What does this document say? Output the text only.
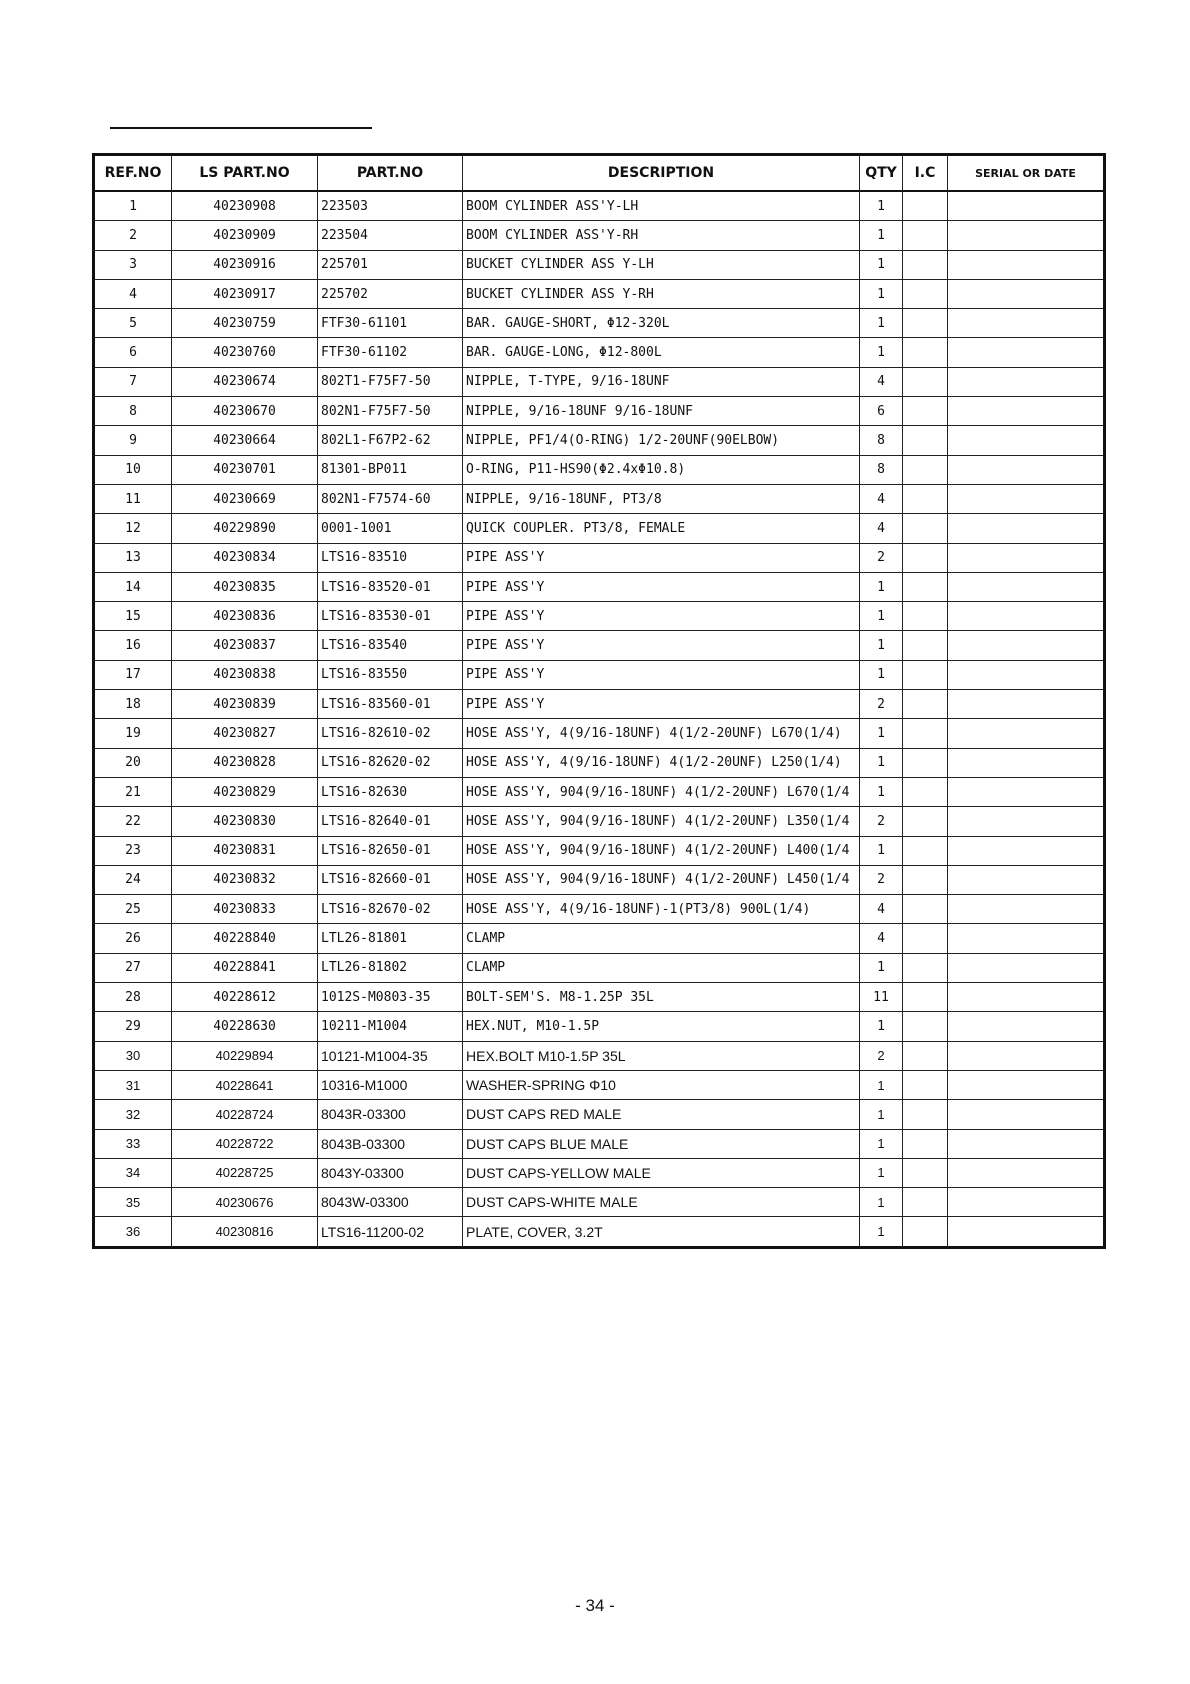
REF.NO	LS PART.NO	PART.NO	DESCRIPTION	QTY	I.C	SERIAL OR DATE
1	40230908	223503	BOOM CYLINDER ASS'Y-LH	1		
2	40230909	223504	BOOM CYLINDER ASS'Y-RH	1		
3	40230916	225701	BUCKET CYLINDER ASS Y-LH	1		
4	40230917	225702	BUCKET CYLINDER ASS Y-RH	1		
5	40230759	FTF30-61101	BAR. GAUGE-SHORT, Φ12-320L	1		
6	40230760	FTF30-61102	BAR. GAUGE-LONG, Φ12-800L	1		
7	40230674	802T1-F75F7-50	NIPPLE, T-TYPE, 9/16-18UNF	4		
8	40230670	802N1-F75F7-50	NIPPLE, 9/16-18UNF 9/16-18UNF	6		
9	40230664	802L1-F67P2-62	NIPPLE, PF1/4(O-RING) 1/2-20UNF(90ELBOW)	8		
10	40230701	81301-BP011	O-RING, P11-HS90(Φ2.4xΦ10.8)	8		
11	40230669	802N1-F7574-60	NIPPLE, 9/16-18UNF, PT3/8	4		
12	40229890	0001-1001	QUICK COUPLER. PT3/8, FEMALE	4		
13	40230834	LTS16-83510	PIPE ASS'Y	2		
14	40230835	LTS16-83520-01	PIPE ASS'Y	1		
15	40230836	LTS16-83530-01	PIPE ASS'Y	1		
16	40230837	LTS16-83540	PIPE ASS'Y	1		
17	40230838	LTS16-83550	PIPE ASS'Y	1		
18	40230839	LTS16-83560-01	PIPE ASS'Y	2		
19	40230827	LTS16-82610-02	HOSE ASS'Y, 4(9/16-18UNF) 4(1/2-20UNF) L670(1/4)	1		
20	40230828	LTS16-82620-02	HOSE ASS'Y, 4(9/16-18UNF) 4(1/2-20UNF) L250(1/4)	1		
21	40230829	LTS16-82630	HOSE ASS'Y, 904(9/16-18UNF) 4(1/2-20UNF) L670(1/4	1		
22	40230830	LTS16-82640-01	HOSE ASS'Y, 904(9/16-18UNF) 4(1/2-20UNF) L350(1/4	2		
23	40230831	LTS16-82650-01	HOSE ASS'Y, 904(9/16-18UNF) 4(1/2-20UNF) L400(1/4	1		
24	40230832	LTS16-82660-01	HOSE ASS'Y, 904(9/16-18UNF) 4(1/2-20UNF) L450(1/4	2		
25	40230833	LTS16-82670-02	HOSE ASS'Y, 4(9/16-18UNF)-1(PT3/8) 900L(1/4)	4		
26	40228840	LTL26-81801	CLAMP	4		
27	40228841	LTL26-81802	CLAMP	1		
28	40228612	1012S-M0803-35	BOLT-SEM'S. M8-1.25P 35L	11		
29	40228630	10211-M1004	HEX.NUT, M10-1.5P	1		
30	40229894	10121-M1004-35	HEX.BOLT M10-1.5P 35L	2		
31	40228641	10316-M1000	WASHER-SPRING Φ10	1		
32	40228724	8043R-03300	DUST CAPS RED MALE	1		
33	40228722	8043B-03300	DUST CAPS BLUE MALE	1		
34	40228725	8043Y-03300	DUST CAPS-YELLOW MALE	1		
35	40230676	8043W-03300	DUST CAPS-WHITE MALE	1		
36	40230816	LTS16-11200-02	PLATE, COVER, 3.2T	1		
- 34 -
